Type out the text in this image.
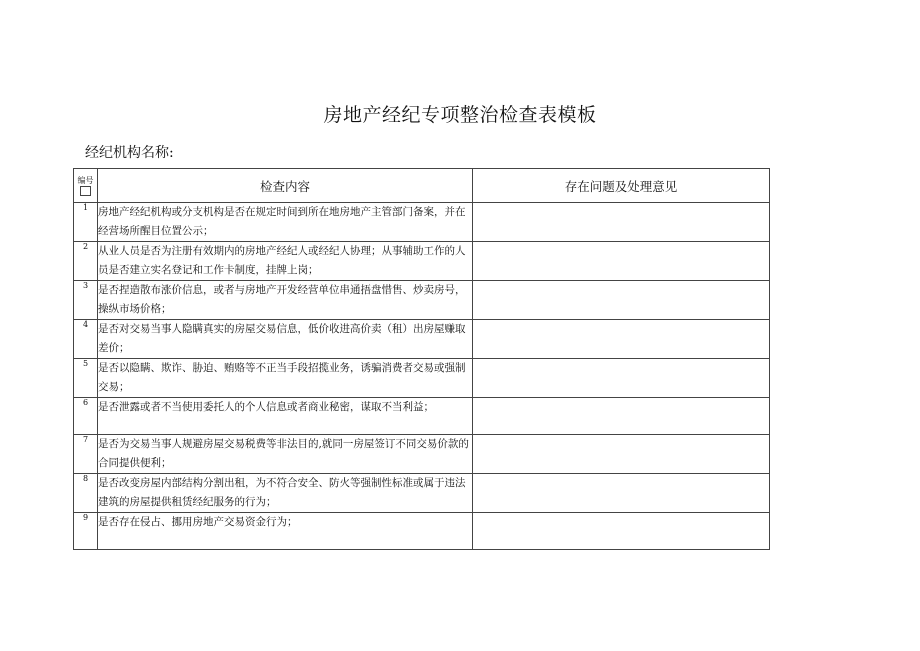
房地产经纪专项整治检查表模板
经纪机构名称:
编号	检查内容	存在问题及处理意见
1	房地产经纪机构或分支机构是否在规定时间到所在地房地产主管部门备案，并在经营场所醒目位置公示；	
2	从业人员是否为注册有效期内的房地产经纪人或经纪人协理；从事辅助工作的人员是否建立实名登记和工作卡制度，挂牌上岗；	
3	是否捏造散布涨价信息，或者与房地产开发经营单位串通捂盘惜售、炒卖房号，操纵市场价格；	
4	是否对交易当事人隐瞒真实的房屋交易信息，低价收进高价卖（租）出房屋赚取差价；	
5	是否以隐瞒、欺诈、胁迫、贿赂等不正当手段招揽业务，诱骗消费者交易或强制交易；	
6	是否泄露或者不当使用委托人的个人信息或者商业秘密，谋取不当利益；	
7	是否为交易当事人规避房屋交易税费等非法目的,就同一房屋签订不同交易价款的合同提供便利；	
8	是否改变房屋内部结构分割出租，为不符合安全、防火等强制性标准或属于违法建筑的房屋提供租赁经纪服务的行为；	
9	是否存在侵占、挪用房地产交易资金行为；	
